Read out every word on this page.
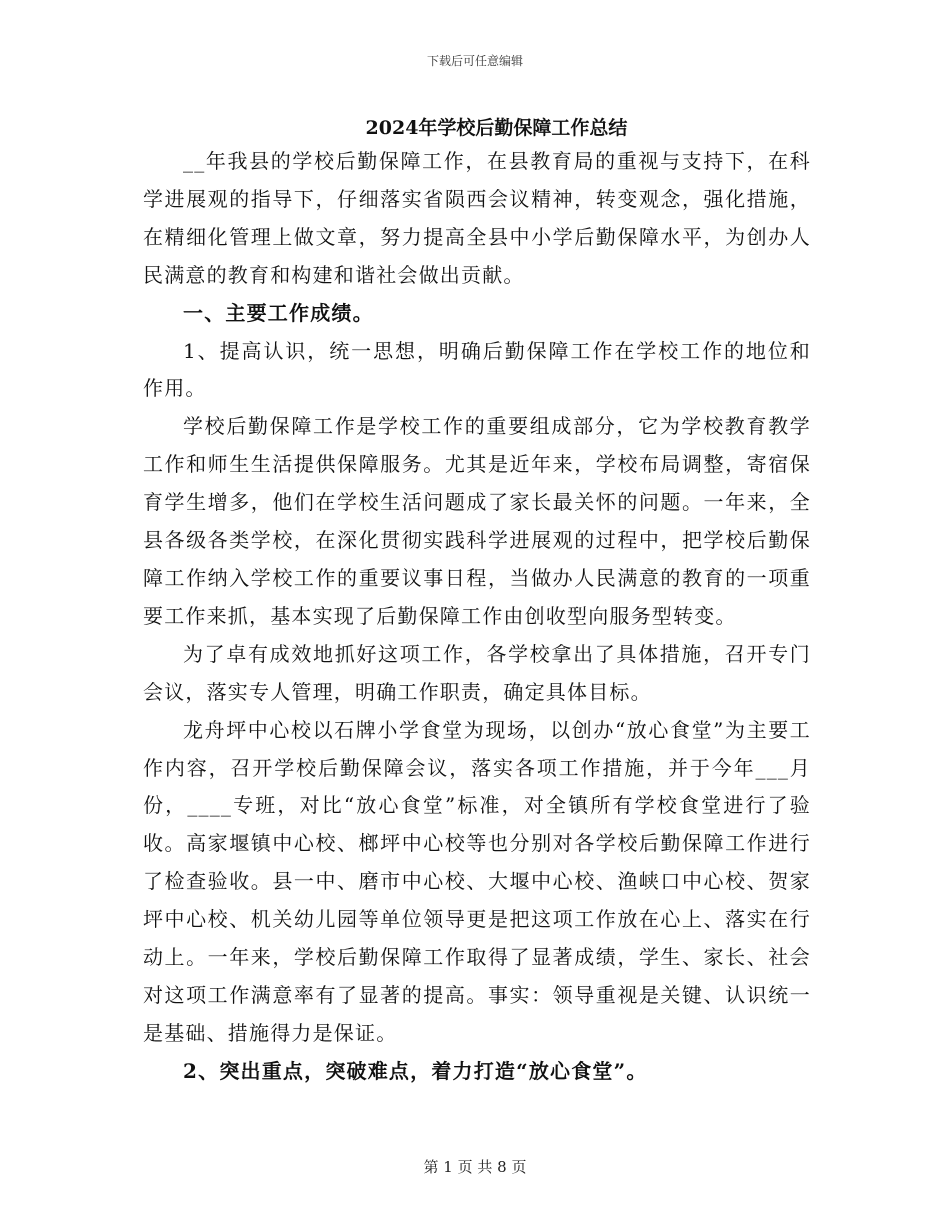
下载后可任意编辑
2024年学校后勤保障工作总结

__年我县的学校后勤保障工作，在县教育局的重视与支持下，在科学进展观的指导下，仔细落实省陨西会议精神，转变观念，强化措施，在精细化管理上做文章，努力提高全县中小学后勤保障水平，为创办人民满意的教育和构建和谐社会做出贡献。

一、主要工作成绩。

1、提高认识，统一思想，明确后勤保障工作在学校工作的地位和作用。

学校后勤保障工作是学校工作的重要组成部分，它为学校教育教学工作和师生生活提供保障服务。尤其是近年来，学校布局调整，寄宿保育学生增多，他们在学校生活问题成了家长最关怀的问题。一年来，全县各级各类学校，在深化贯彻实践科学进展观的过程中，把学校后勤保障工作纳入学校工作的重要议事日程，当做办人民满意的教育的一项重要工作来抓，基本实现了后勤保障工作由创收型向服务型转变。

为了卓有成效地抓好这项工作，各学校拿出了具体措施，召开专门会议，落实专人管理，明确工作职责，确定具体目标。

龙舟坪中心校以石牌小学食堂为现场，以创办“放心食堂”为主要工作内容，召开学校后勤保障会议，落实各项工作措施，并于今年___月份，____专班，对比“放心食堂”标准，对全镇所有学校食堂进行了验收。高家堰镇中心校、榔坪中心校等也分别对各学校后勤保障工作进行了检查验收。县一中、磨市中心校、大堰中心校、渔峡口中心校、贺家坪中心校、机关幼儿园等单位领导更是把这项工作放在心上、落实在行动上。一年来，学校后勤保障工作取得了显著成绩，学生、家长、社会对这项工作满意率有了显著的提高。事实：领导重视是关键、认识统一是基础、措施得力是保证。

2、突出重点，突破难点，着力打造“放心食堂”。

第 1 页 共 8 页
